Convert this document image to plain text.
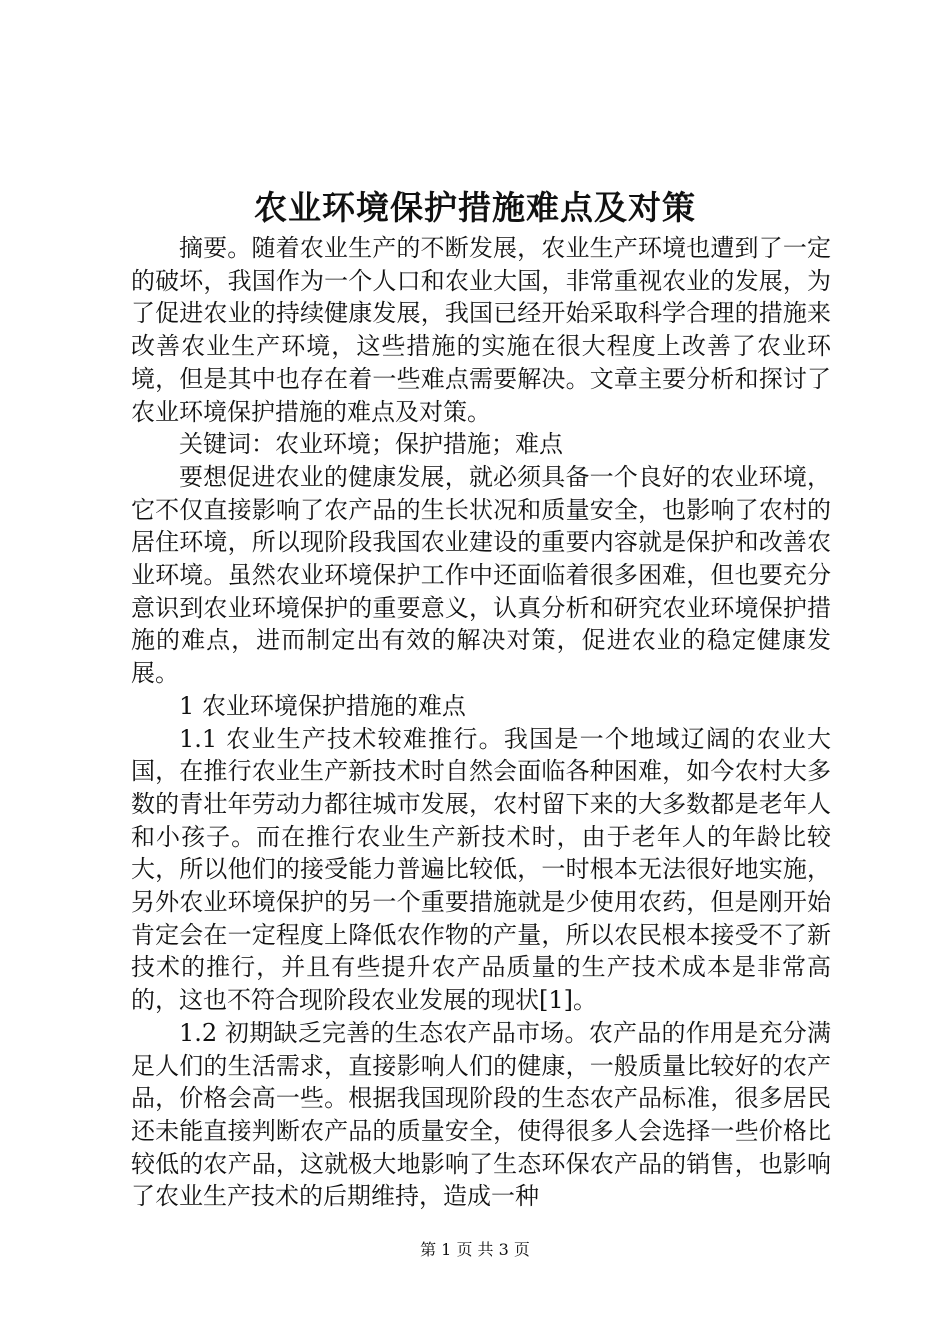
农业环境保护措施难点及对策

摘要。随着农业生产的不断发展，农业生产环境也遭到了一定的破坏，我国作为一个人口和农业大国，非常重视农业的发展，为了促进农业的持续健康发展，我国已经开始采取科学合理的措施来改善农业生产环境，这些措施的实施在很大程度上改善了农业环境，但是其中也存在着一些难点需要解决。文章主要分析和探讨了农业环境保护措施的难点及对策。

关键词：农业环境；保护措施；难点

要想促进农业的健康发展，就必须具备一个良好的农业环境，它不仅直接影响了农产品的生长状况和质量安全，也影响了农村的居住环境，所以现阶段我国农业建设的重要内容就是保护和改善农业环境。虽然农业环境保护工作中还面临着很多困难，但也要充分意识到农业环境保护的重要意义，认真分析和研究农业环境保护措施的难点，进而制定出有效的解决对策，促进农业的稳定健康发展。

1 农业环境保护措施的难点

1.1 农业生产技术较难推行。我国是一个地域辽阔的农业大国，在推行农业生产新技术时自然会面临各种困难，如今农村大多数的青壮年劳动力都往城市发展，农村留下来的大多数都是老年人和小孩子。而在推行农业生产新技术时，由于老年人的年龄比较大，所以他们的接受能力普遍比较低，一时根本无法很好地实施，另外农业环境保护的另一个重要措施就是少使用农药，但是刚开始肯定会在一定程度上降低农作物的产量，所以农民根本接受不了新技术的推行，并且有些提升农产品质量的生产技术成本是非常高的，这也不符合现阶段农业发展的现状[1]。

1.2 初期缺乏完善的生态农产品市场。农产品的作用是充分满足人们的生活需求，直接影响人们的健康，一般质量比较好的农产品，价格会高一些。根据我国现阶段的生态农产品标准，很多居民还未能直接判断农产品的质量安全，使得很多人会选择一些价格比较低的农产品，这就极大地影响了生态环保农产品的销售，也影响了农业生产技术的后期维持，造成一种

第 1 页 共 3 页
